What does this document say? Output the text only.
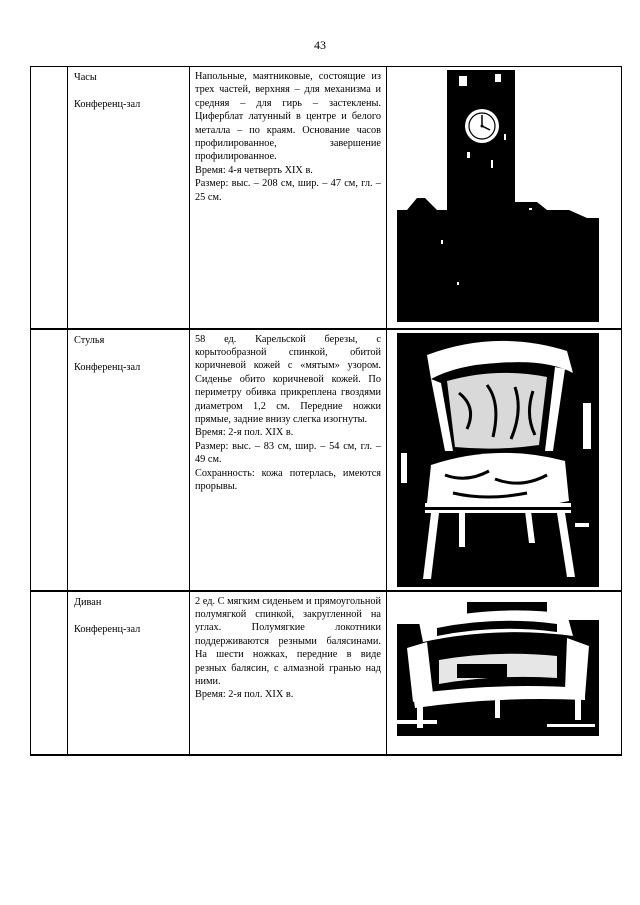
43

	Часы
Конференц-зал	Напольные, маятниковые, состоящие из трех частей, верхняя – для механизма и средняя – для гирь – застеклены. Циферблат латунный в центре и белого металла – по краям. Основание часов профилированное, завершение профилированное.
Время: 4-я четверть XIX в.
Размер: выс. – 208 см, шир. – 47 см, гл. – 25 см.

	Стулья
Конференц-зал	58 ед. Карельской березы, с корытообразной спинкой, обитой коричневой кожей с «мятым» узором. Сиденье обито коричневой кожей. По периметру обивка прикреплена гвоздями диаметром 1,2 см. Передние ножки прямые, задние внизу слегка изогнуты.
Время: 2-я пол. XIX в.
Размер: выс. – 83 см, шир. – 54 см, гл. – 49 см.
Сохранность: кожа потерлась, имеются прорывы.

	Диван
Конференц-зал	2 ед. С мягким сиденьем и прямоугольной полумягкой спинкой, закругленной на углах. Полумягкие локотники поддерживаются резными балясинами. На шести ножках, передние в виде резных балясин, с алмазной гранью над ними.
Время: 2-я пол. XIX в.
